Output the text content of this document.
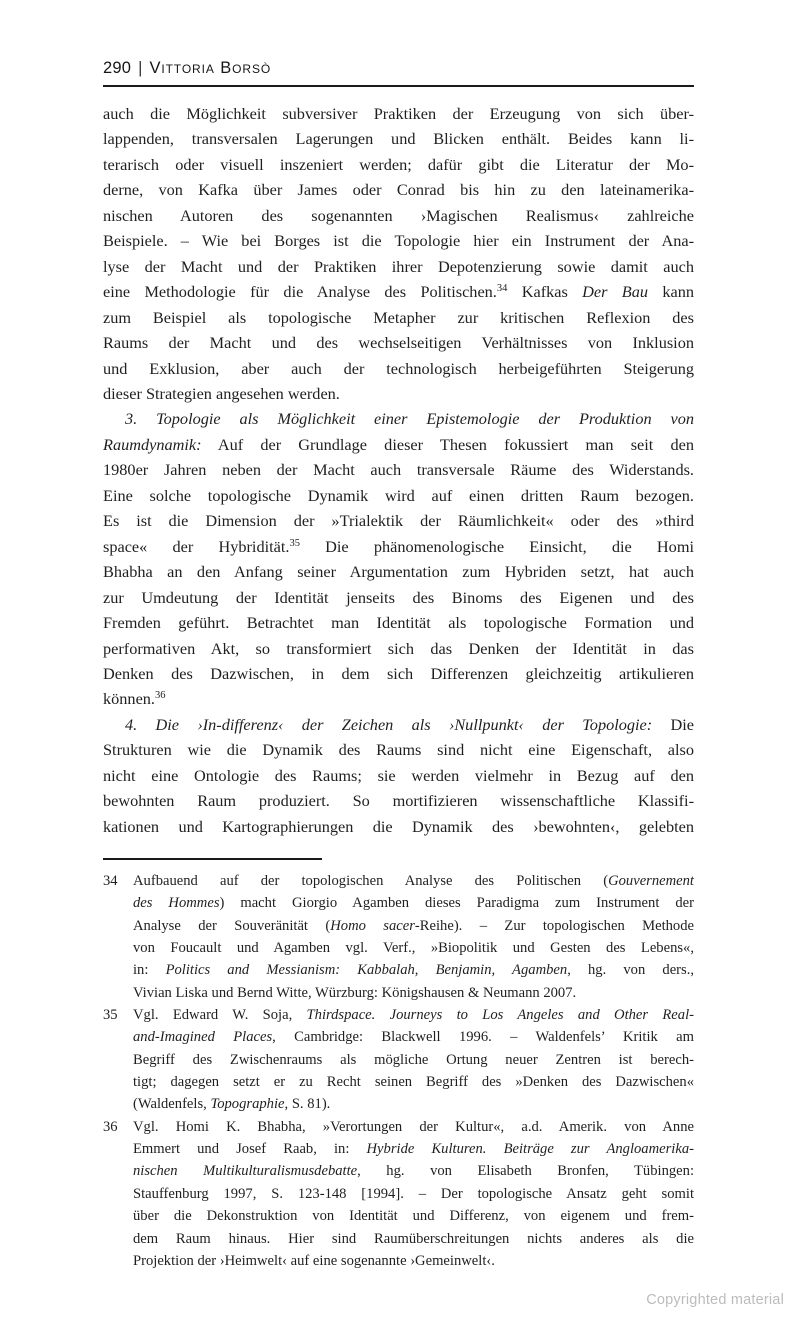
290 | Vittoria Borsò
auch die Möglichkeit subversiver Praktiken der Erzeugung von sich über-
lappenden, transversalen Lagerungen und Blicken enthält. Beides kann li-
terarisch oder visuell inszeniert werden; dafür gibt die Literatur der Mo-
derne, von Kafka über James oder Conrad bis hin zu den lateinamerika-
nischen Autoren des sogenannten ›Magischen Realismus‹ zahlreiche
Beispiele. – Wie bei Borges ist die Topologie hier ein Instrument der Ana-
lyse der Macht und der Praktiken ihrer Depotenzierung sowie damit auch
eine Methodologie für die Analyse des Politischen.$^{34}$ Kafkas Der Bau kann
zum Beispiel als topologische Metapher zur kritischen Reflexion des
Raums der Macht und des wechselseitigen Verhältnisses von Inklusion
und Exklusion, aber auch der technologisch herbeigeführten Steigerung
dieser Strategien angesehen werden.
3. Topologie als Möglichkeit einer Epistemologie der Produktion von
Raumdynamik: Auf der Grundlage dieser Thesen fokussiert man seit den
1980er Jahren neben der Macht auch transversale Räume des Widerstands.
Eine solche topologische Dynamik wird auf einen dritten Raum bezogen.
Es ist die Dimension der »Trialektik der Räumlichkeit« oder des »third
space« der Hybridität.$^{35}$ Die phänomenologische Einsicht, die Homi
Bhabha an den Anfang seiner Argumentation zum Hybriden setzt, hat auch
zur Umdeutung der Identität jenseits des Binoms des Eigenen und des
Fremden geführt. Betrachtet man Identität als topologische Formation und
performativen Akt, so transformiert sich das Denken der Identität in das
Denken des Dazwischen, in dem sich Differenzen gleichzeitig artikulieren
können.$^{36}$
4. Die ›In-differenz‹ der Zeichen als ›Nullpunkt‹ der Topologie: Die
Strukturen wie die Dynamik des Raums sind nicht eine Eigenschaft, also
nicht eine Ontologie des Raums; sie werden vielmehr in Bezug auf den
bewohnten Raum produziert. So mortifizieren wissenschaftliche Klassifi-
kationen und Kartographierungen die Dynamik des ›bewohnten‹, gelebten
34 Aufbauend auf der topologischen Analyse des Politischen (Gouvernement
des Hommes) macht Giorgio Agamben dieses Paradigma zum Instrument der
Analyse der Souveränität (Homo sacer-Reihe). – Zur topologischen Methode
von Foucault und Agamben vgl. Verf., »Biopolitik und Gesten des Lebens«,
in: Politics and Messianism: Kabbalah, Benjamin, Agamben, hg. von ders.,
Vivian Liska und Bernd Witte, Würzburg: Königshausen & Neumann 2007.
35 Vgl. Edward W. Soja, Thirdspace. Journeys to Los Angeles and Other Real-
and-Imagined Places, Cambridge: Blackwell 1996. – Waldenfels’ Kritik am
Begriff des Zwischenraums als mögliche Ortung neuer Zentren ist berech-
tigt; dagegen setzt er zu Recht seinen Begriff des »Denken des Dazwischen«
(Waldenfels, Topographie, S. 81).
36 Vgl. Homi K. Bhabha, »Verortungen der Kultur«, a.d. Amerik. von Anne
Emmert und Josef Raab, in: Hybride Kulturen. Beiträge zur Angloamerika-
nischen Multikulturalismusdebatte, hg. von Elisabeth Bronfen, Tübingen:
Stauffenburg 1997, S. 123-148 [1994]. – Der topologische Ansatz geht somit
über die Dekonstruktion von Identität und Differenz, von eigenem und frem-
dem Raum hinaus. Hier sind Raumüberschreitungen nichts anderes als die
Projektion der ›Heimwelt‹ auf eine sogenannte ›Gemeinwelt‹.
Copyrighted material
